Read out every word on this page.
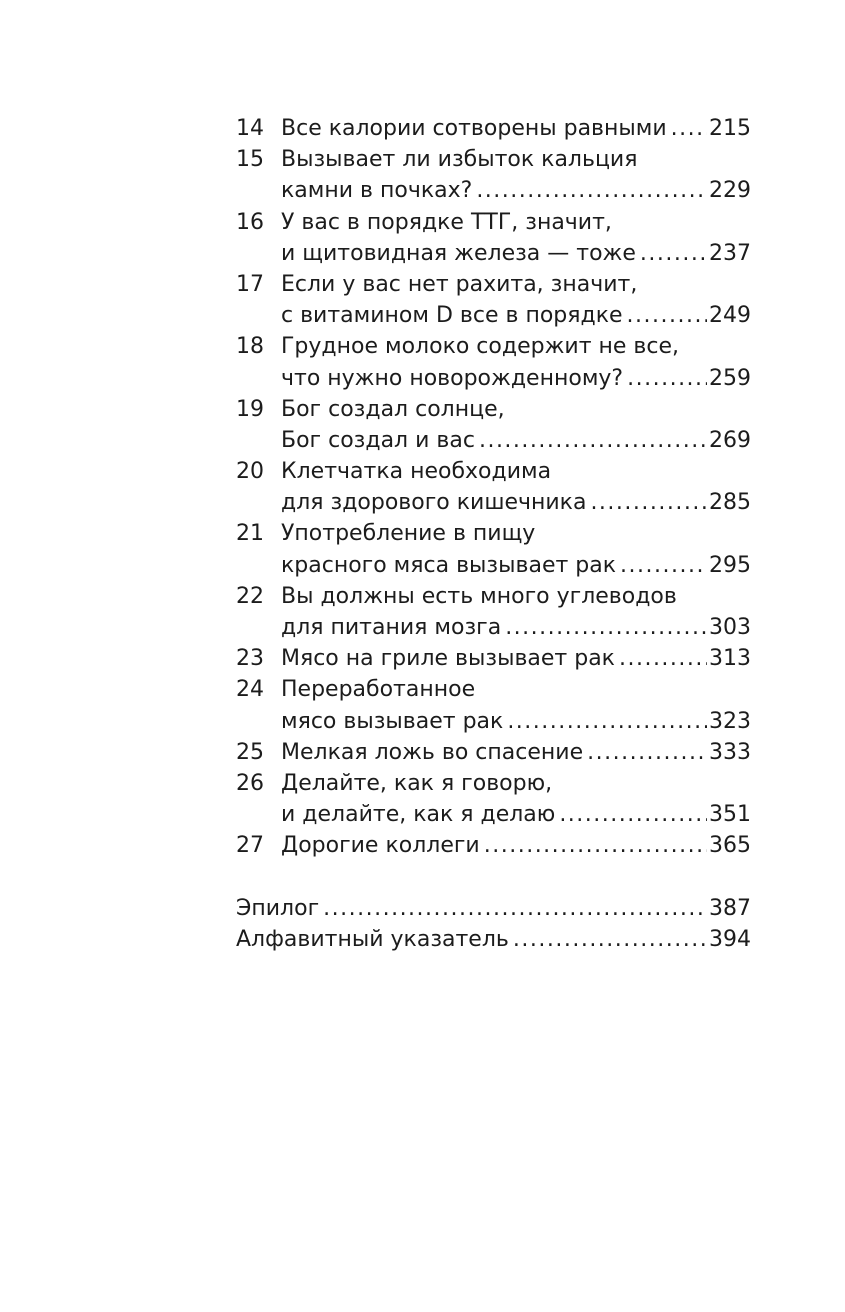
14 Все калории сотворены равными ..... 215
15 Вызывает ли избыток кальция
камни в почках? .....	229
16 У вас в порядке ТТГ, значит,
и щитовидная железа — тоже .....	237
17 Если у вас нет рахита, значит,
с витамином D все в порядке .....	249
18 Грудное молоко содержит не все,
что нужно новорожденному? .....	259
19 Бог создал солнце,
Бог создал и вас .....	269
20 Клетчатка необходима
для здорового кишечника .....	285
21 Употребление в пищу
красного мяса вызывает рак .....	295
22 Вы должны есть много углеводов
для питания мозга .....	303
23 Мясо на гриле вызывает рак .....	313
24 Переработанное
мясо вызывает рак .....	323
25 Мелкая ложь во спасение .....	333
26 Делайте, как я говорю,
и делайте, как я делаю .....	351
27 Дорогие коллеги .....	365
Эпилог .....	387
Алфавитный указатель .....	394
